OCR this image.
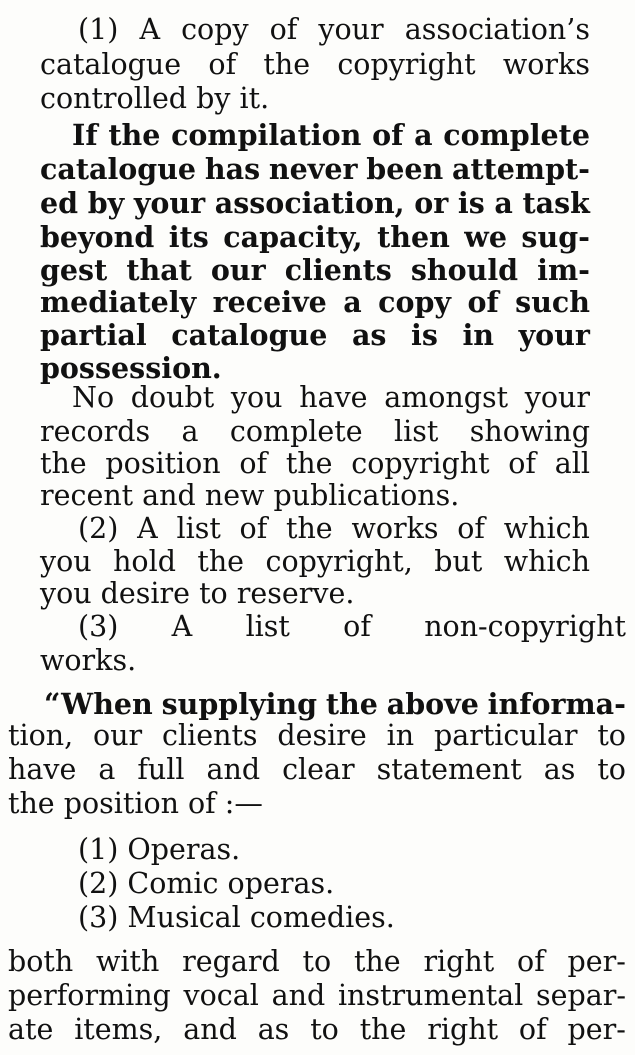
(1) A copy of your association’s
catalogue of the copyright works
controlled by it.
If the compilation of a complete
catalogue has never been attempt-
ed by your association, or is a task
beyond its capacity, then we sug-
gest that our clients should im-
mediately receive a copy of such
partial catalogue as is in your
possession.
No doubt you have amongst your
records a complete list showing
the position of the copyright of all
recent and new publications.
(2) A list of the works of which
you hold the copyright, but which
you desire to reserve.
(3) A list of non-copyright
works.
“When supplying the above informa-
tion, our clients desire in particular to
have a full and clear statement as to
the position of :—
(1) Operas.
(2) Comic operas.
(3) Musical comedies.
both with regard to the right of per-
performing vocal and instrumental separ-
ate items, and as to the right of per-
